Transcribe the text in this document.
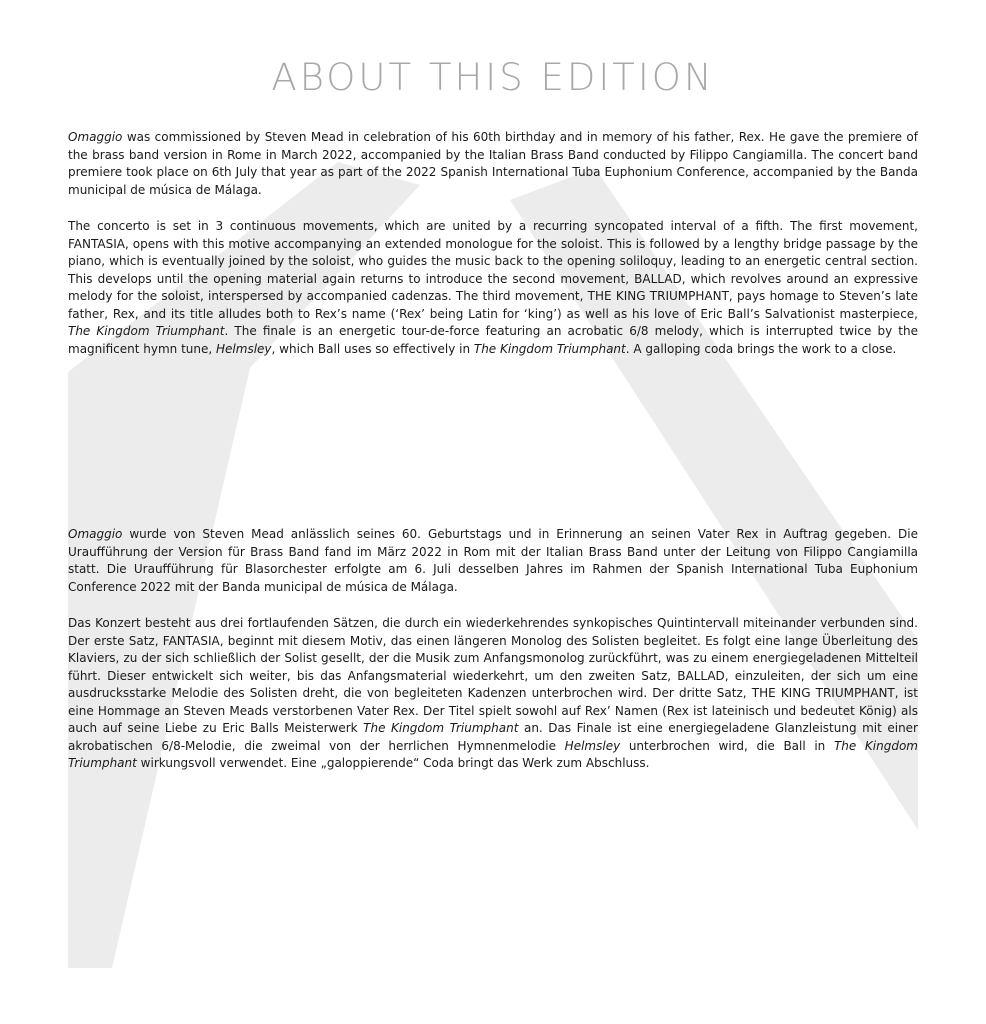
ABOUT THIS EDITION

Omaggio was commissioned by Steven Mead in celebration of his 60th birthday and in memory of his father, Rex. He gave the premiere of the brass band version in Rome in March 2022, accompanied by the Italian Brass Band conducted by Filippo Cangiamilla. The concert band premiere took place on 6th July that year as part of the 2022 Spanish International Tuba Euphonium Conference, accompanied by the Banda municipal de música de Málaga.

The concerto is set in 3 continuous movements, which are united by a recurring syncopated interval of a fifth. The first movement, FANTASIA, opens with this motive accompanying an extended monologue for the soloist. This is followed by a lengthy bridge passage by the piano, which is eventually joined by the soloist, who guides the music back to the opening soliloquy, leading to an energetic central section. This develops until the opening material again returns to introduce the second movement, BALLAD, which revolves around an expressive melody for the soloist, interspersed by accompanied cadenzas. The third movement, THE KING TRIUMPHANT, pays homage to Steven’s late father, Rex, and its title alludes both to Rex’s name (‘Rex’ being Latin for ‘king’) as well as his love of Eric Ball’s Salvationist masterpiece, The Kingdom Triumphant. The finale is an energetic tour-de-force featuring an acrobatic 6/8 melody, which is interrupted twice by the magnificent hymn tune, Helmsley, which Ball uses so effectively in The Kingdom Triumphant. A galloping coda brings the work to a close.

Omaggio wurde von Steven Mead anlässlich seines 60. Geburtstags und in Erinnerung an seinen Vater Rex in Auftrag gegeben. Die Uraufführung der Version für Brass Band fand im März 2022 in Rom mit der Italian Brass Band unter der Leitung von Filippo Cangiamilla statt. Die Uraufführung für Blasorchester erfolgte am 6. Juli desselben Jahres im Rahmen der Spanish International Tuba Euphonium Conference 2022 mit der Banda municipal de música de Málaga.

Das Konzert besteht aus drei fortlaufenden Sätzen, die durch ein wiederkehrendes synkopisches Quintintervall miteinander verbunden sind. Der erste Satz, FANTASIA, beginnt mit diesem Motiv, das einen längeren Monolog des Solisten begleitet. Es folgt eine lange Überleitung des Klaviers, zu der sich schließlich der Solist gesellt, der die Musik zum Anfangsmonolog zurückführt, was zu einem energiegeladenen Mittelteil führt. Dieser entwickelt sich weiter, bis das Anfangsmaterial wiederkehrt, um den zweiten Satz, BALLAD, einzuleiten, der sich um eine ausdrucksstarke Melodie des Solisten dreht, die von begleiteten Kadenzen unterbrochen wird. Der dritte Satz, THE KING TRIUMPHANT, ist eine Hommage an Steven Meads verstorbenen Vater Rex. Der Titel spielt sowohl auf Rex’ Namen (Rex ist lateinisch und bedeutet König) als auch auf seine Liebe zu Eric Balls Meisterwerk The Kingdom Triumphant an. Das Finale ist eine energiegeladene Glanzleistung mit einer akrobatischen 6/8-Melodie, die zweimal von der herrlichen Hymnenmelodie Helmsley unterbrochen wird, die Ball in The Kingdom Triumphant wirkungsvoll verwendet. Eine „galoppierende“ Coda bringt das Werk zum Abschluss.
